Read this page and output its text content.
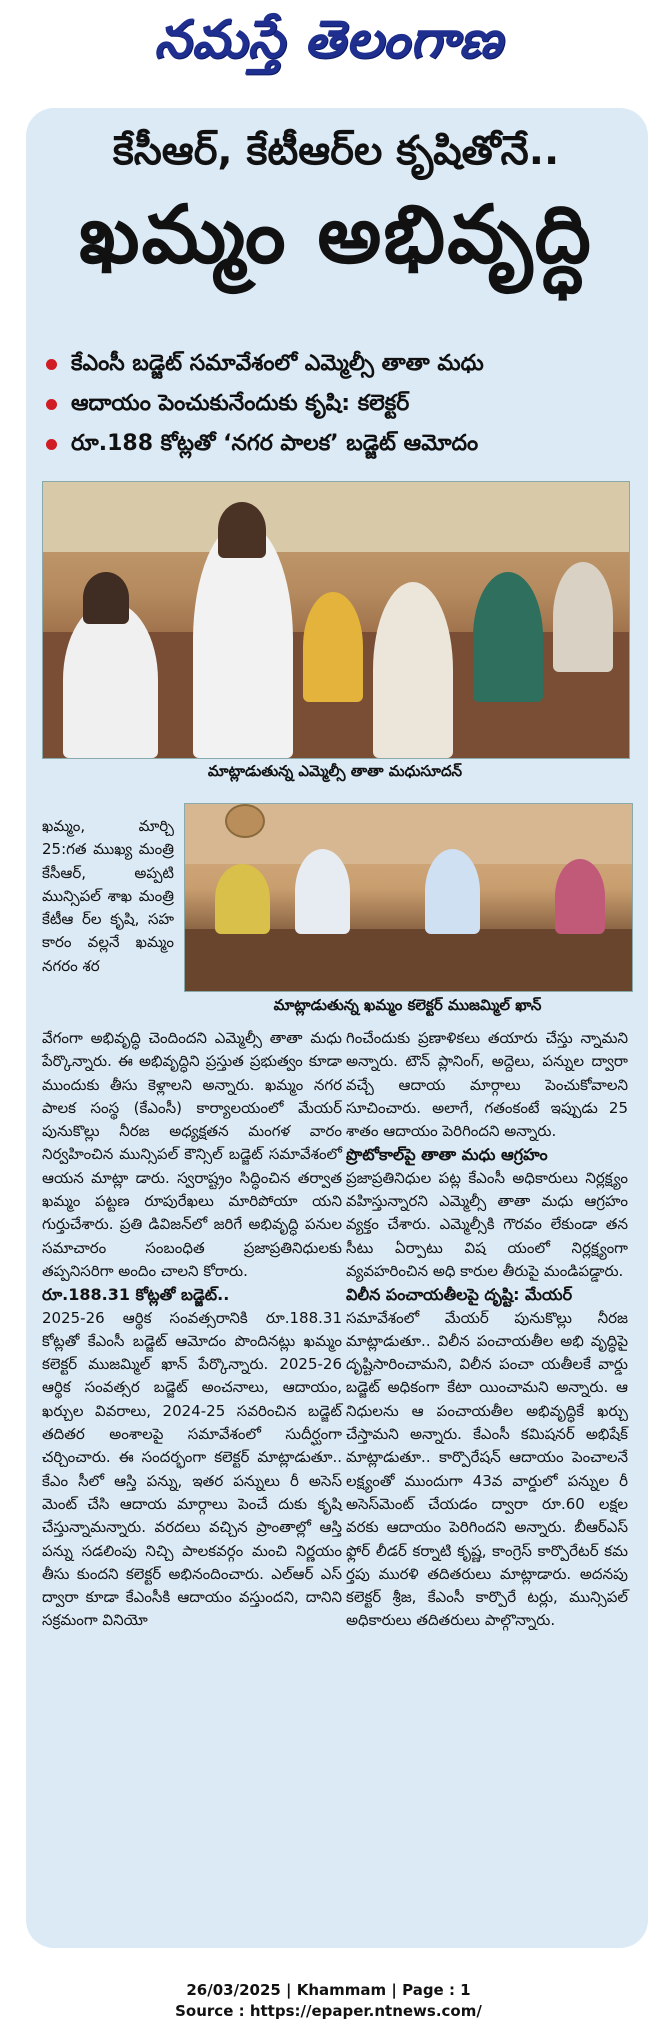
నమస్తే తెలంగాణ
కేసీఆర్, కేటీఆర్‌ల కృషితోనే..
ఖమ్మం అభివృద్ధి
కేఎంసీ బడ్జెట్‌ సమావేశంలో ఎమ్మెల్సీ తాతా మధు
ఆదాయం పెంచుకునేందుకు కృషి: కలెక్టర్‌
రూ.188 కోట్లతో ‘నగర పాలక’ బడ్జెట్‌ ఆమోదం
మాట్లాడుతున్న ఎమ్మెల్సీ తాతా మధుసూదన్‌
మాట్లాడుతున్న ఖమ్మం కలెక్టర్‌ ముజమ్మిల్‌ ఖాన్‌

ఖమ్మం, మార్చి 25:గత ముఖ్య మంత్రి కేసీఆర్‌, అప్పటి మున్సిపల్‌ శాఖ మంత్రి కేటీఆ ర్‌ల కృషి, సహ కారం వల్లనే ఖమ్మం నగరం శర

వేగంగా అభివృద్ధి చెందిందని ఎమ్మెల్సీ తాతా మధు పేర్కొన్నారు. ఈ అభివృద్ధిని ప్రస్తుత ప్రభుత్వం కూడా ముందుకు తీసు కెళ్లాలని అన్నారు. ఖమ్మం నగర పాలక సంస్థ (కేఎంసీ) కార్యాలయంలో మేయర్‌ పునుకొల్లు నీరజ అధ్యక్షతన మంగళ వారం నిర్వహించిన మున్సిపల్‌ కౌన్సిల్‌ బడ్జెట్‌ సమావేశంలో ఆయన మాట్లా డారు. స్వరాష్ట్రం సిద్ధించిన తర్వాత ఖమ్మం పట్టణ రూపురేఖలు మారిపోయా యని గుర్తుచేశారు. ప్రతి డివిజన్‌లో జరిగే అభివృద్ధి పనుల సమాచారం సంబంధిత ప్రజాప్రతినిధులకు తప్పనిసరిగా అందిం చాలని కోరారు.

రూ.188.31 కోట్లతో బడ్జెట్‌..

2025-26 ఆర్థిక సంవత్సరానికి రూ.188.31 కోట్లతో కేఎంసీ బడ్జెట్‌ ఆమోదం పొందినట్లు ఖమ్మం కలెక్టర్‌ ముజమ్మిల్‌ ఖాన్‌ పేర్కొన్నారు. 2025-26 ఆర్థిక సంవత్సర బడ్జెట్‌ అంచనాలు, ఆదాయం, ఖర్చుల వివరాలు, 2024-25 సవరించిన బడ్జెట్‌ తదితర అంశాలపై సమావేశంలో సుదీర్ఘంగా చర్చించారు. ఈ సందర్భంగా కలెక్టర్‌ మాట్లాడుతూ.. కేఎం సీలో ఆస్తి పన్ను, ఇతర పన్నులు రీ అసెస్‌ మెంట్‌ చేసి ఆదాయ మార్గాలు పెంచే దుకు కృషి చేస్తున్నామన్నారు. వరదలు వచ్చిన ప్రాంతాల్లో ఆస్తి పన్ను సడలింపు నిచ్చి పాలకవర్గం మంచి నిర్ణయం తీసు కుందని కలెక్టర్‌ అభినందించారు. ఎల్‌ఆర్‌ ఎస్‌ ద్వారా కూడా కేఎంసీకి ఆదాయం వస్తుందని, దానిని సక్రమంగా వినియో

గించేందుకు ప్రణాళికలు తయారు చేస్తు న్నామని అన్నారు. టౌన్‌ ప్లానింగ్‌, అద్దెలు, పన్నుల ద్వారా వచ్చే ఆదాయ మార్గాలు పెంచుకోవాలని సూచించారు. అలాగే, గతంకంటే ఇప్పుడు 25 శాతం ఆదాయం పెరిగిందని అన్నారు.

ప్రొటోకాల్‌పై తాతా మధు ఆగ్రహం

ప్రజాప్రతినిధుల పట్ల కేఎంసీ అధికారులు నిర్లక్ష్యం వహిస్తున్నారని ఎమ్మెల్సీ తాతా మధు ఆగ్రహం వ్యక్తం చేశారు. ఎమ్మెల్సీకి గౌరవం లేకుండా తన సీటు ఏర్పాటు విష యంలో నిర్లక్ష్యంగా వ్యవహరించిన అధి కారుల తీరుపై మండిపడ్డారు.

విలీన పంచాయతీలపై దృష్టి: మేయర్‌

సమావేశంలో మేయర్‌ పునుకొల్లు నీరజ మాట్లాడుతూ.. విలీన పంచాయతీల అభి వృద్ధిపై దృష్టిసారించామని, విలీన పంచా యతీలకే వార్డు బడ్జెట్‌ అధికంగా కేటా యించామని అన్నారు. ఆ నిధులను ఆ పంచాయతీల అభివృద్ధికే ఖర్చు చేస్తామని అన్నారు. కేఎంసీ కమిషనర్‌ అభిషేక్‌ మాట్లాడుతూ.. కార్పొరేషన్‌ ఆదాయం పెంచాలనే లక్ష్యంతో ముందుగా 43వ వార్డులో పన్నుల రీ అసెస్‌మెంట్‌ చేయడం ద్వారా రూ.60 లక్షల వరకు ఆదాయం పెరిగిందని అన్నారు. బీఆర్‌ఎస్‌ ఫ్లోర్‌ లీడర్‌ కర్నాటి కృష్ణ, కాంగ్రెస్‌ కార్పొరేటర్‌ కమ ర్తపు మురళి తదితరులు మాట్లాడారు. అదనపు కలెక్టర్‌ శ్రీజ, కేఎంసీ కార్పొరే టర్లు, మున్సిపల్‌ అధికారులు తదితరులు పాల్గొన్నారు.

26/03/2025 | Khammam | Page : 1
Source : https://epaper.ntnews.com/
